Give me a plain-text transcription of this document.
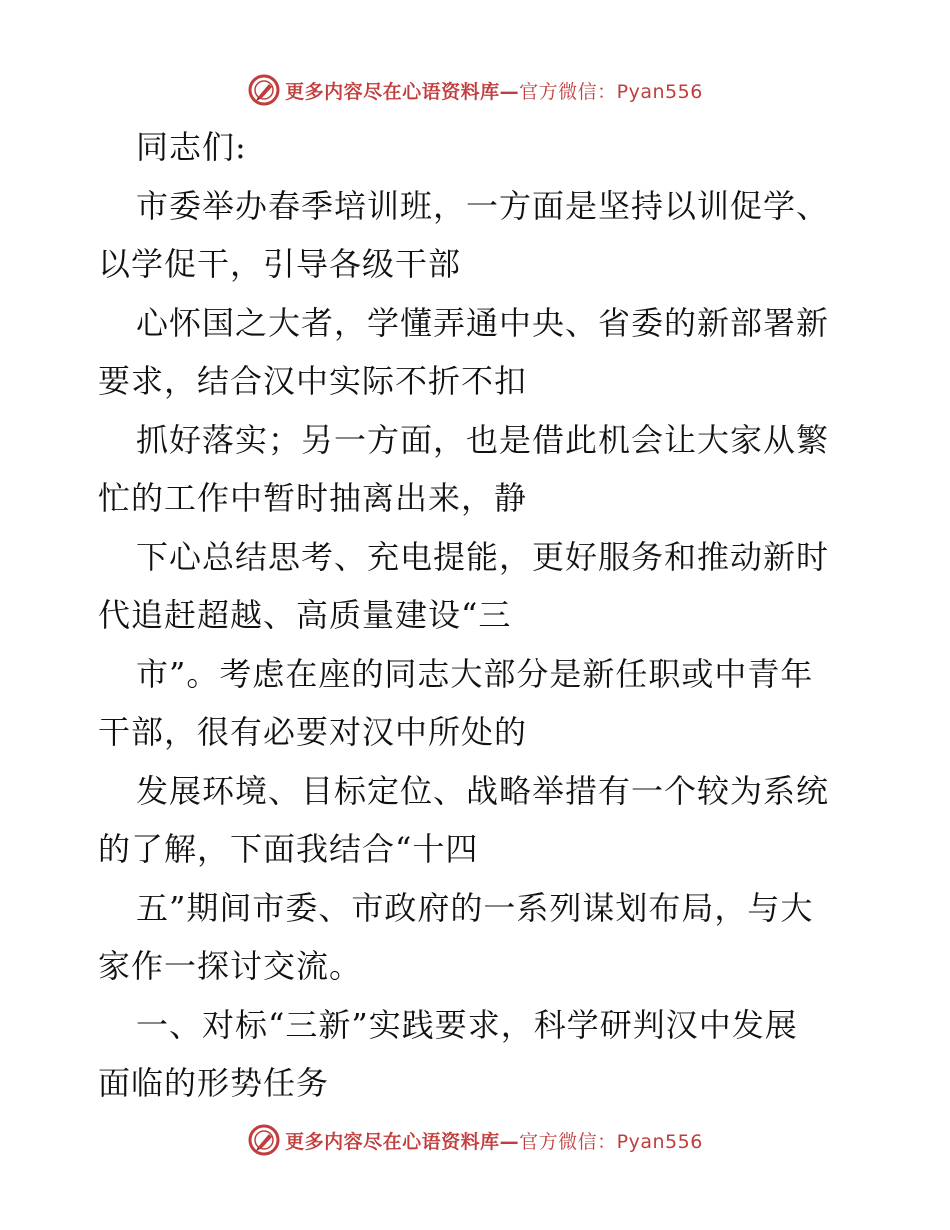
更多内容尽在心语资料库—官方微信：Pyan556
同志们:
市委举办春季培训班，一方面是坚持以训促学、
以学促干，引导各级干部
心怀国之大者，学懂弄通中央、省委的新部署新
要求，结合汉中实际不折不扣
抓好落实；另一方面，也是借此机会让大家从繁
忙的工作中暂时抽离出来，静
下心总结思考、充电提能，更好服务和推动新时
代追赶超越、高质量建设“三
市”。考虑在座的同志大部分是新任职或中青年
干部，很有必要对汉中所处的
发展环境、目标定位、战略举措有一个较为系统
的了解，下面我结合“十四
五”期间市委、市政府的一系列谋划布局，与大
家作一探讨交流。
一、对标“三新”实践要求，科学研判汉中发展
面临的形势任务
更多内容尽在心语资料库—官方微信：Pyan556
